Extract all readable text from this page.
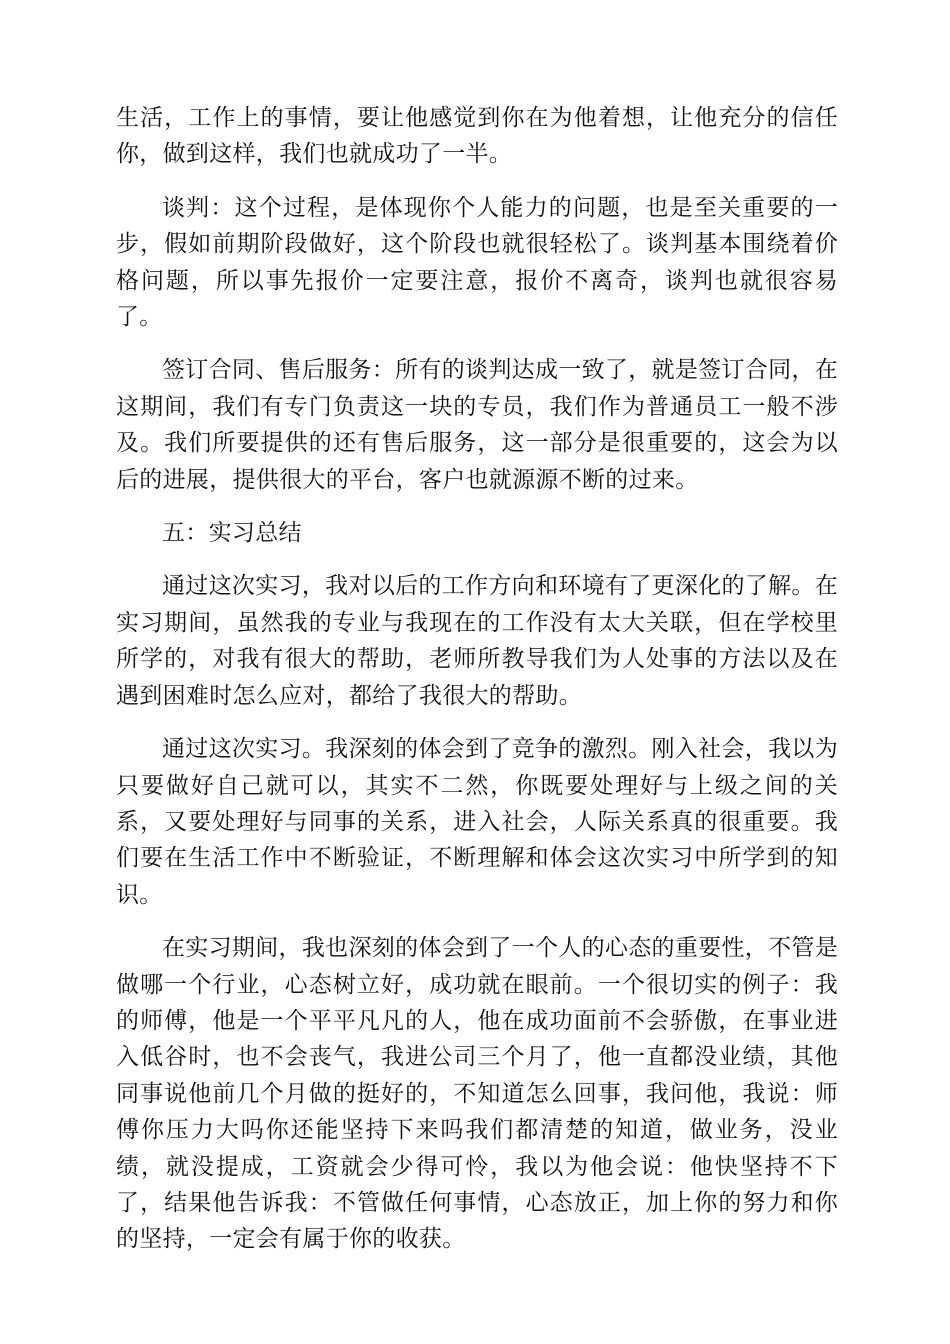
生活，工作上的事情，要让他感觉到你在为他着想，让他充分的信任你，做到这样，我们也就成功了一半。

谈判：这个过程，是体现你个人能力的问题，也是至关重要的一步，假如前期阶段做好，这个阶段也就很轻松了。谈判基本围绕着价格问题，所以事先报价一定要注意，报价不离奇，谈判也就很容易了。

签订合同、售后服务：所有的谈判达成一致了，就是签订合同，在这期间，我们有专门负责这一块的专员，我们作为普通员工一般不涉及。我们所要提供的还有售后服务，这一部分是很重要的，这会为以后的进展，提供很大的平台，客户也就源源不断的过来。

五：实习总结

通过这次实习，我对以后的工作方向和环境有了更深化的了解。在实习期间，虽然我的专业与我现在的工作没有太大关联，但在学校里所学的，对我有很大的帮助，老师所教导我们为人处事的方法以及在遇到困难时怎么应对，都给了我很大的帮助。

通过这次实习。我深刻的体会到了竞争的激烈。刚入社会，我以为只要做好自己就可以，其实不二然，你既要处理好与上级之间的关系，又要处理好与同事的关系，进入社会，人际关系真的很重要。我们要在生活工作中不断验证，不断理解和体会这次实习中所学到的知识。

在实习期间，我也深刻的体会到了一个人的心态的重要性，不管是做哪一个行业，心态树立好，成功就在眼前。一个很切实的例子：我的师傅，他是一个平平凡凡的人，他在成功面前不会骄傲，在事业进入低谷时，也不会丧气，我进公司三个月了，他一直都没业绩，其他同事说他前几个月做的挺好的，不知道怎么回事，我问他，我说：师傅你压力大吗你还能坚持下来吗我们都清楚的知道，做业务，没业绩，就没提成，工资就会少得可怜，我以为他会说：他快坚持不下了，结果他告诉我：不管做任何事情，心态放正，加上你的努力和你的坚持，一定会有属于你的收获。
